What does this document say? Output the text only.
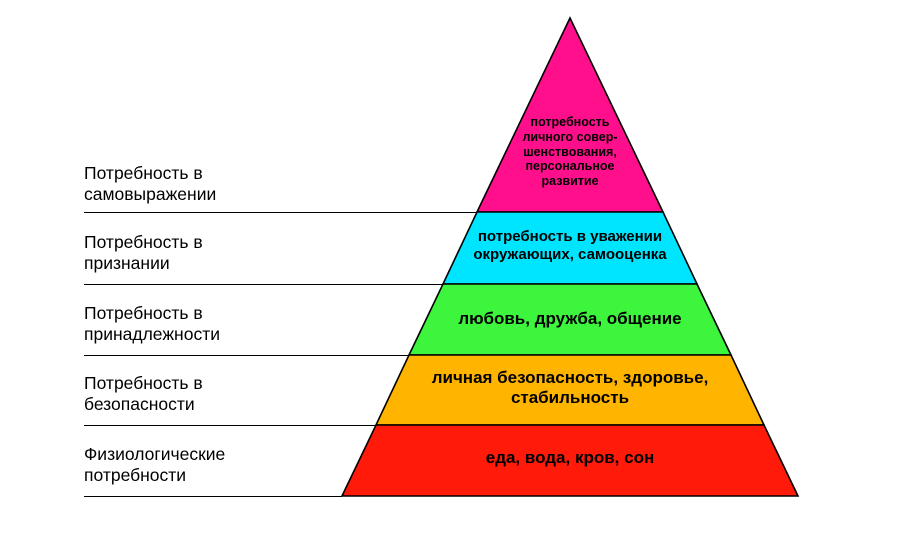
потребность
личного совер-
шенствования,
персональное
развитие
потребность в уважении
окружающих, самооценка
любовь, дружба, общение
личная безопасность, здоровье,
стабильность
еда, вода, кров, сон
Потребность в
самовыражении
Потребность в
признании
Потребность в
принадлежности
Потребность в
безопасности
Физиологические
потребности
